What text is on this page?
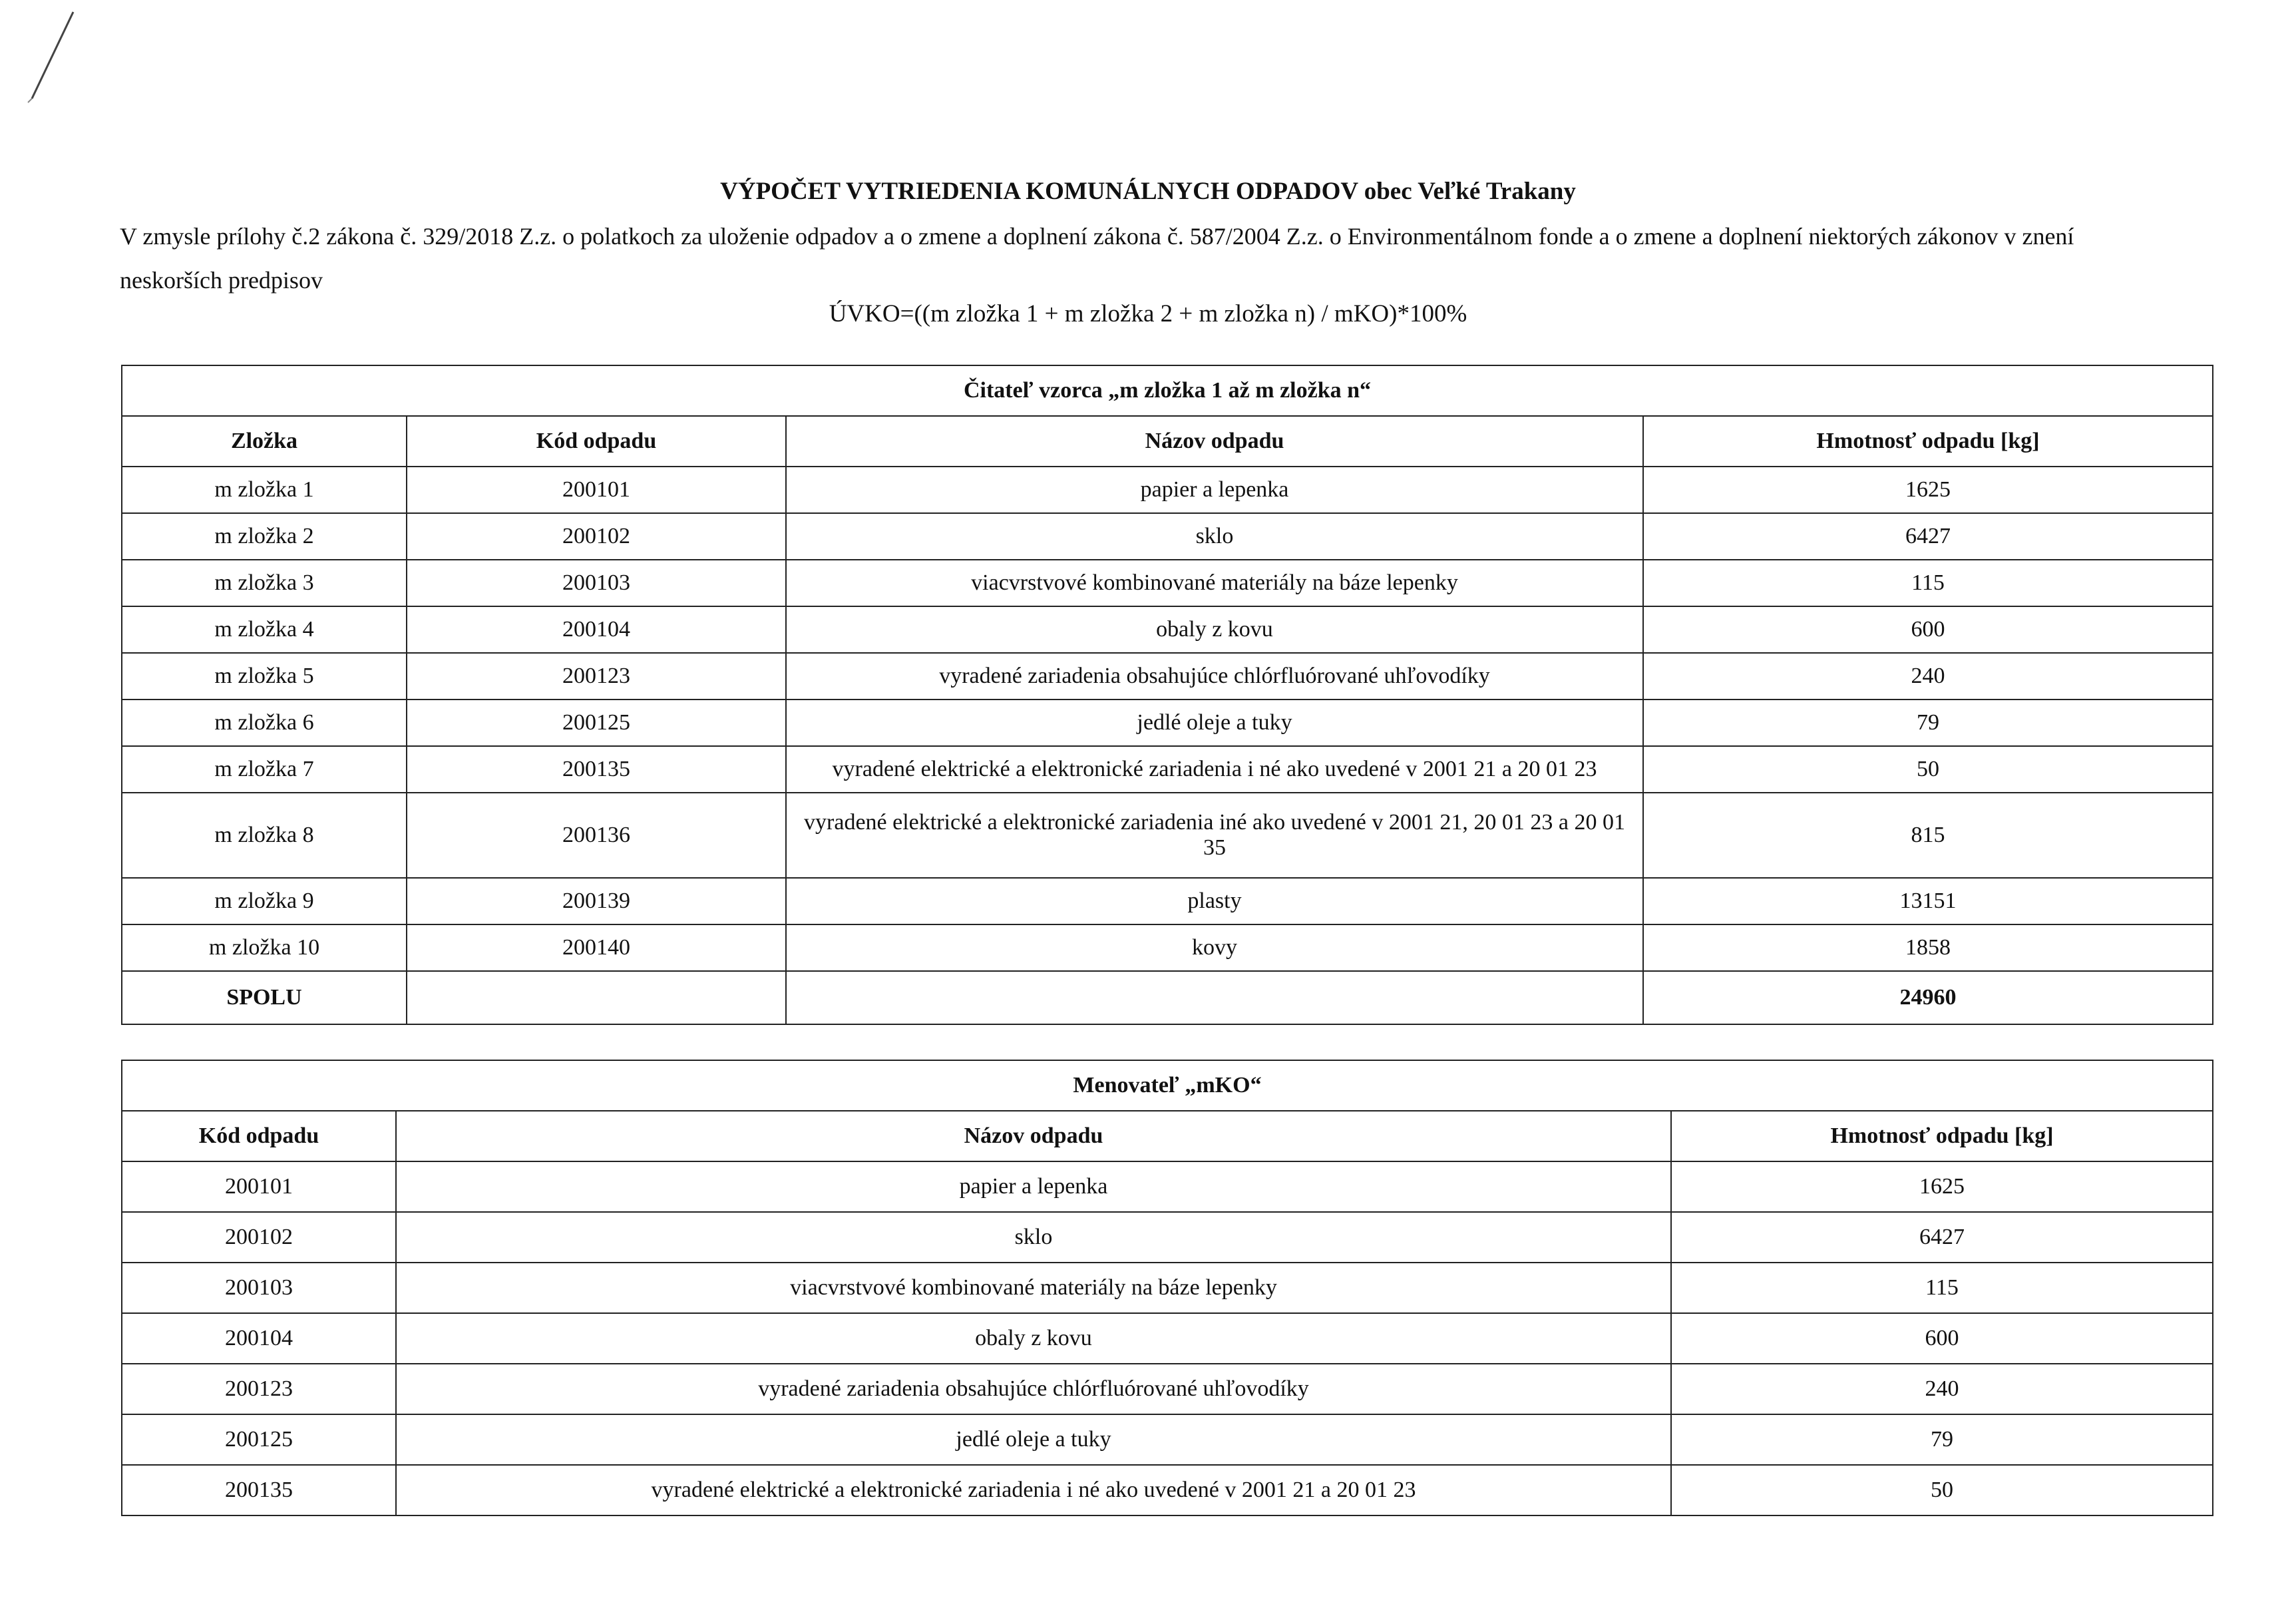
VÝPOČET VYTRIEDENIA KOMUNÁLNYCH ODPADOV obec Veľké Trakany
V zmysle prílohy č.2 zákona č. 329/2018 Z.z. o polatkoch za uloženie odpadov a o zmene a doplnení zákona č. 587/2004 Z.z. o Environmentálnom fonde a o zmene a doplnení niektorých zákonov v znení neskorších predpisov
ÚVKO=((m zložka 1 + m zložka 2 + m zložka n) / mKO)*100%
Čitateľ vzorca „m zložka 1 až m zložka n“			
Zložka	Kód odpadu	Názov odpadu	Hmotnosť odpadu [kg]
m zložka 1	200101	papier a lepenka	1625
m zložka 2	200102	sklo	6427
m zložka 3	200103	viacvrstvové kombinované materiály na báze lepenky	115
m zložka 4	200104	obaly z kovu	600
m zložka 5	200123	vyradené zariadenia obsahujúce chlórfluórované uhľovodíky	240
m zložka 6	200125	jedlé oleje a tuky	79
m zložka 7	200135	vyradené elektrické a elektronické zariadenia i né ako uvedené v 2001 21 a 20 01 23	50
m zložka 8	200136	vyradené elektrické a elektronické zariadenia iné ako uvedené v 2001 21, 20 01 23 a 20 01 35	815
m zložka 9	200139	plasty	13151
m zložka 10	200140	kovy	1858
SPOLU			24960
Menovateľ „mKO“		
Kód odpadu	Názov odpadu	Hmotnosť odpadu [kg]
200101	papier a lepenka	1625
200102	sklo	6427
200103	viacvrstvové kombinované materiály na báze lepenky	115
200104	obaly z kovu	600
200123	vyradené zariadenia obsahujúce chlórfluórované uhľovodíky	240
200125	jedlé oleje a tuky	79
200135	vyradené elektrické a elektronické zariadenia i né ako uvedené v 2001 21 a 20 01 23	50
